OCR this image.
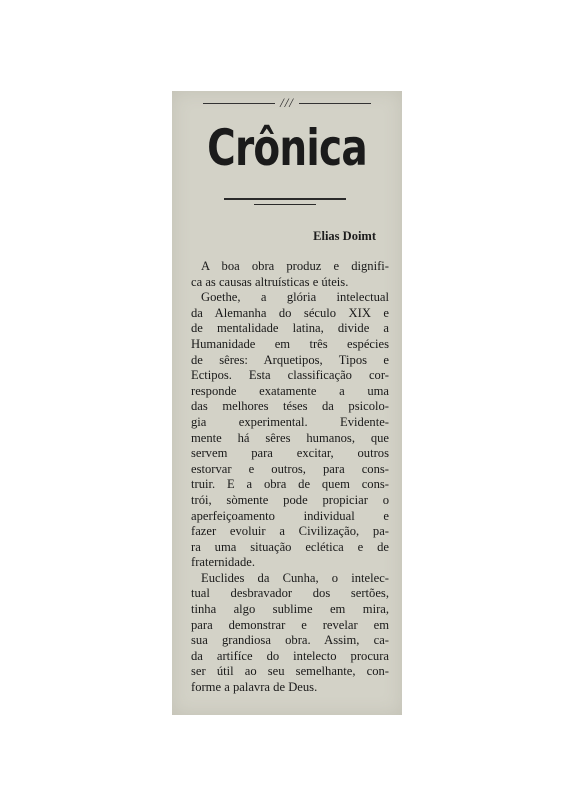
///
Crônica
Elias Doimt
A boa obra produz e dignifi-
ca as causas altruísticas e úteis.
Goethe, a glória intelectual
da Alemanha do século XIX e
de mentalidade latina, divide a
Humanidade em três espécies
de sêres: Arquetipos, Tipos e
Ectipos. Esta classificação cor-
responde exatamente a uma
das melhores téses da psicolo-
gia experimental. Evidente-
mente há sêres humanos, que
servem para excitar, outros
estorvar e outros, para cons-
truir. E a obra de quem cons-
trói, sòmente pode propiciar o
aperfeiçoamento individual e
fazer evoluir a Civilização, pa-
ra uma situação eclética e de
fraternidade.
Euclides da Cunha, o intelec-
tual desbravador dos sertões,
tinha algo sublime em mira,
para demonstrar e revelar em
sua grandiosa obra. Assim, ca-
da artifíce do intelecto procura
ser útil ao seu semelhante, con-
forme a palavra de Deus.
